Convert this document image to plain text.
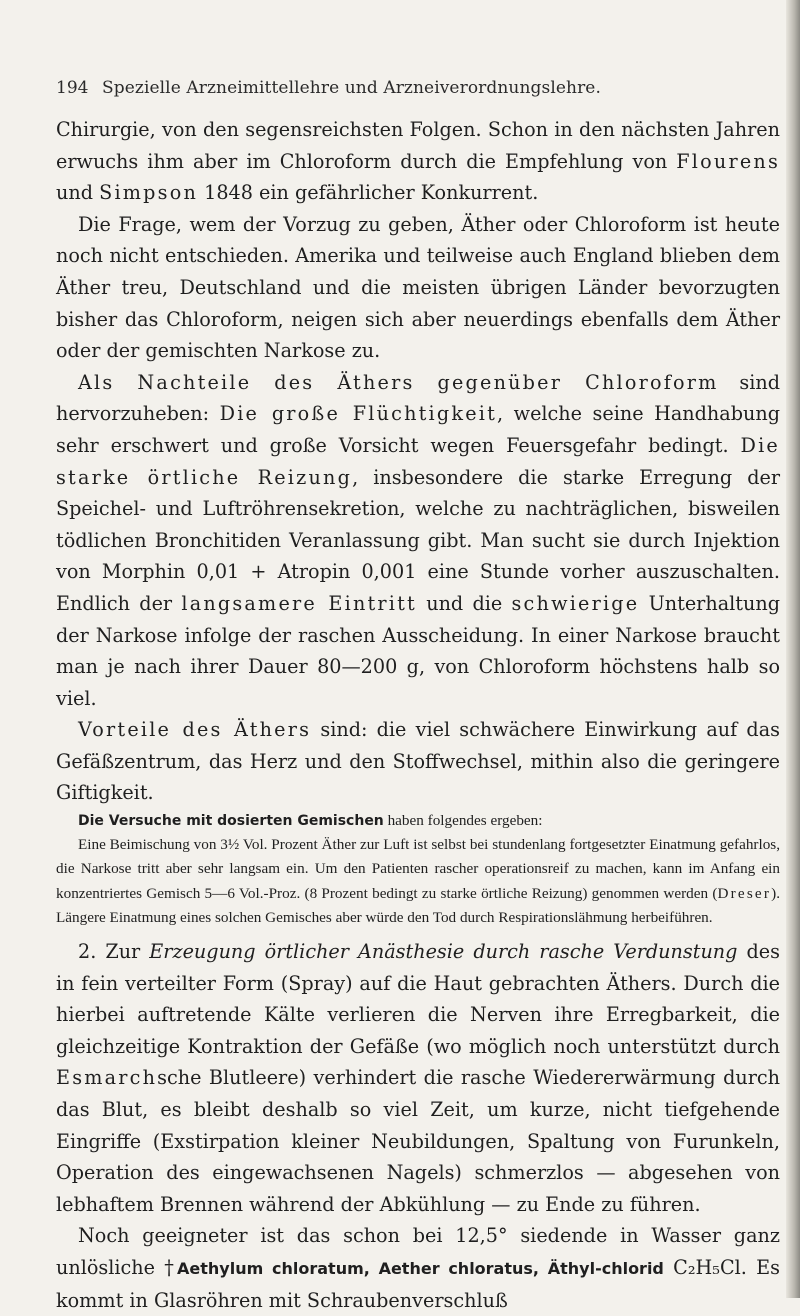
194 Spezielle Arzneimittellehre und Arzneiverordnungslehre.

Chirurgie, von den segensreichsten Folgen. Schon in den nächsten Jahren erwuchs ihm aber im Chloroform durch die Empfehlung von Flourens und Simpson 1848 ein gefährlicher Konkurrent.

Die Frage, wem der Vorzug zu geben, Äther oder Chloroform ist heute noch nicht entschieden. Amerika und teilweise auch England blieben dem Äther treu, Deutschland und die meisten übrigen Länder bevorzugten bisher das Chloroform, neigen sich aber neuerdings ebenfalls dem Äther oder der gemischten Narkose zu.

Als Nachteile des Äthers gegenüber Chloroform sind hervorzuheben: Die große Flüchtigkeit, welche seine Handhabung sehr erschwert und große Vorsicht wegen Feuersgefahr bedingt. Die starke örtliche Reizung, insbesondere die starke Erregung der Speichel- und Luftröhrensekretion, welche zu nachträglichen, bisweilen tödlichen Bronchitiden Veranlassung gibt. Man sucht sie durch Injektion von Morphin 0,01 + Atropin 0,001 eine Stunde vorher auszuschalten. Endlich der langsamere Eintritt und die schwierige Unterhaltung der Narkose infolge der raschen Ausscheidung. In einer Narkose braucht man je nach ihrer Dauer 80—200 g, von Chloroform höchstens halb so viel.

Vorteile des Äthers sind: die viel schwächere Einwirkung auf das Gefäßzentrum, das Herz und den Stoffwechsel, mithin also die geringere Giftigkeit.

Die Versuche mit dosierten Gemischen haben folgendes ergeben:

Eine Beimischung von 3½ Vol. Prozent Äther zur Luft ist selbst bei stundenlang fortgesetzter Einatmung gefahrlos, die Narkose tritt aber sehr langsam ein. Um den Patienten rascher operationsreif zu machen, kann im Anfang ein konzentriertes Gemisch 5—6 Vol.-Proz. (8 Prozent bedingt zu starke örtliche Reizung) genommen werden (Dreser). Längere Einatmung eines solchen Gemisches aber würde den Tod durch Respirationslähmung herbeiführen.

2. Zur Erzeugung örtlicher Anästhesie durch rasche Verdunstung des in fein verteilter Form (Spray) auf die Haut gebrachten Äthers. Durch die hierbei auftretende Kälte verlieren die Nerven ihre Erregbarkeit, die gleichzeitige Kontraktion der Gefäße (wo möglich noch unterstützt durch Esmarchsche Blutleere) verhindert die rasche Wiedererwärmung durch das Blut, es bleibt deshalb so viel Zeit, um kurze, nicht tiefgehende Eingriffe (Exstirpation kleiner Neubildungen, Spaltung von Furunkeln, Operation des eingewachsenen Nagels) schmerzlos — abgesehen von lebhaftem Brennen während der Abkühlung — zu Ende zu führen.

Noch geeigneter ist das schon bei 12,5° siedende in Wasser ganz unlösliche †Aethylum chloratum, Aether chloratus, Äthyl-chlorid C₂H₅Cl. Es kommt in Glasröhren mit Schraubenverschluß
